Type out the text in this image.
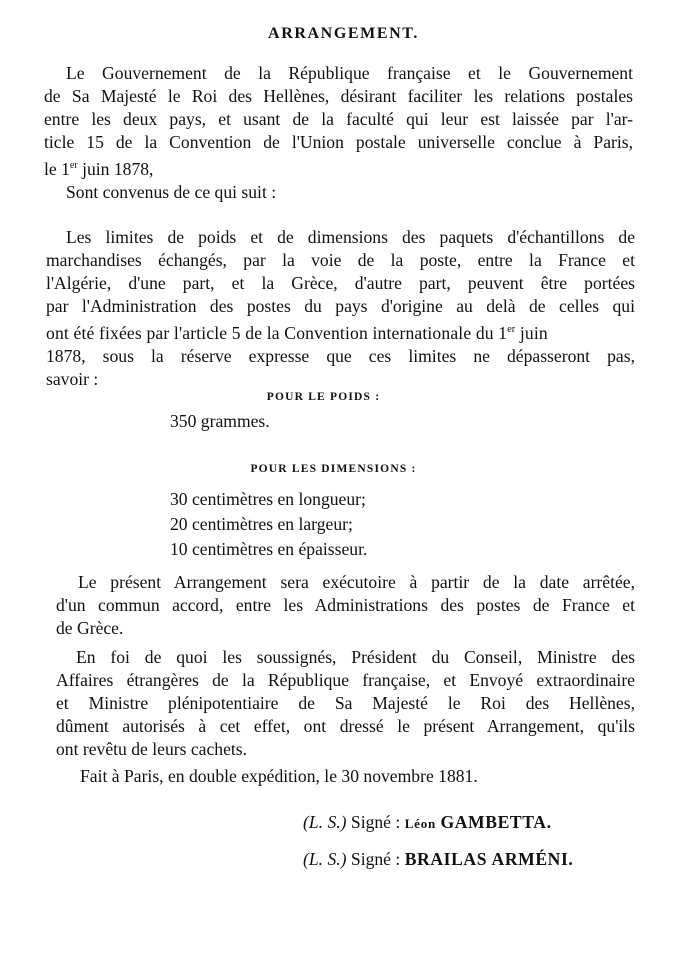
ARRANGEMENT.
Le Gouvernement de la République française et le Gouvernement
de Sa Majesté le Roi des Hellènes, désirant faciliter les relations postales
entre les deux pays, et usant de la faculté qui leur est laissée par l'ar-
ticle 15 de la Convention de l'Union postale universelle conclue à Paris,
le 1er juin 1878,
Sont convenus de ce qui suit :
Les limites de poids et de dimensions des paquets d'échantillons de
marchandises échangés, par la voie de la poste, entre la France et
l'Algérie, d'une part, et la Grèce, d'autre part, peuvent être portées
par l'Administration des postes du pays d'origine au delà de celles qui
ont été fixées par l'article 5 de la Convention internationale du 1er juin
1878, sous la réserve expresse que ces limites ne dépasseront pas,
savoir :
POUR LE POIDS :
350 grammes.
POUR LES DIMENSIONS :
30 centimètres en longueur;
20 centimètres en largeur;
10 centimètres en épaisseur.
Le présent Arrangement sera exécutoire à partir de la date arrêtée,
d'un commun accord, entre les Administrations des postes de France et
de Grèce.
En foi de quoi les soussignés, Président du Conseil, Ministre des
Affaires étrangères de la République française, et Envoyé extraordinaire
et Ministre plénipotentiaire de Sa Majesté le Roi des Hellènes,
dûment autorisés à cet effet, ont dressé le présent Arrangement, qu'ils
ont revêtu de leurs cachets.
Fait à Paris, en double expédition, le 30 novembre 1881.
(L. S.) Signé : Léon GAMBETTA.
(L. S.) Signé : BRAILAS ARMÉNI.
